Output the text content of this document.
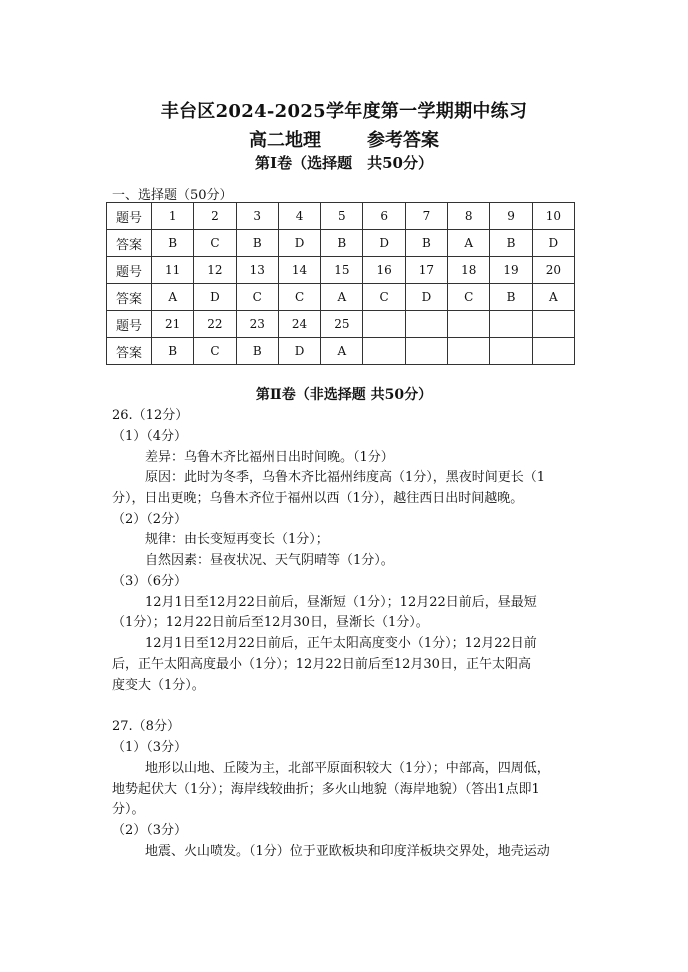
丰台区2024-2025学年度第一学期期中练习
高二地理	参考答案
第Ⅰ卷（选择题　共50分）
一、选择题（50分）
题号	1	2	3	4	5	6	7	8	9	10
答案	B	C	B	D	B	D	B	A	B	D
题号	11	12	13	14	15	16	17	18	19	20
答案	A	D	C	C	A	C	D	C	B	A
题号	21	22	23	24	25					
答案	B	C	B	D	A					
第Ⅱ卷（非选择题 共50分）
26.（12分）
（1）（4分）
差异：乌鲁木齐比福州日出时间晚。（1分）
原因：此时为冬季，乌鲁木齐比福州纬度高（1分），黑夜时间更长（1
分），日出更晚；乌鲁木齐位于福州以西（1分），越往西日出时间越晚。
（2）（2分）
规律：由长变短再变长（1分）；
自然因素：昼夜状况、天气阴晴等（1分）。
（3）（6分）
12月1日至12月22日前后，昼渐短（1分）；12月22日前后，昼最短
（1分）；12月22日前后至12月30日，昼渐长（1分）。
12月1日至12月22日前后，正午太阳高度变小（1分）；12月22日前
后，正午太阳高度最小（1分）；12月22日前后至12月30日，正午太阳高
度变大（1分）。
27.（8分）
（1）（3分）
地形以山地、丘陵为主，北部平原面积较大（1分）；中部高，四周低，
地势起伏大（1分）；海岸线较曲折；多火山地貌（海岸地貌）（答出1点即1
分）。
（2）（3分）
地震、火山喷发。（1分）位于亚欧板块和印度洋板块交界处，地壳运动
